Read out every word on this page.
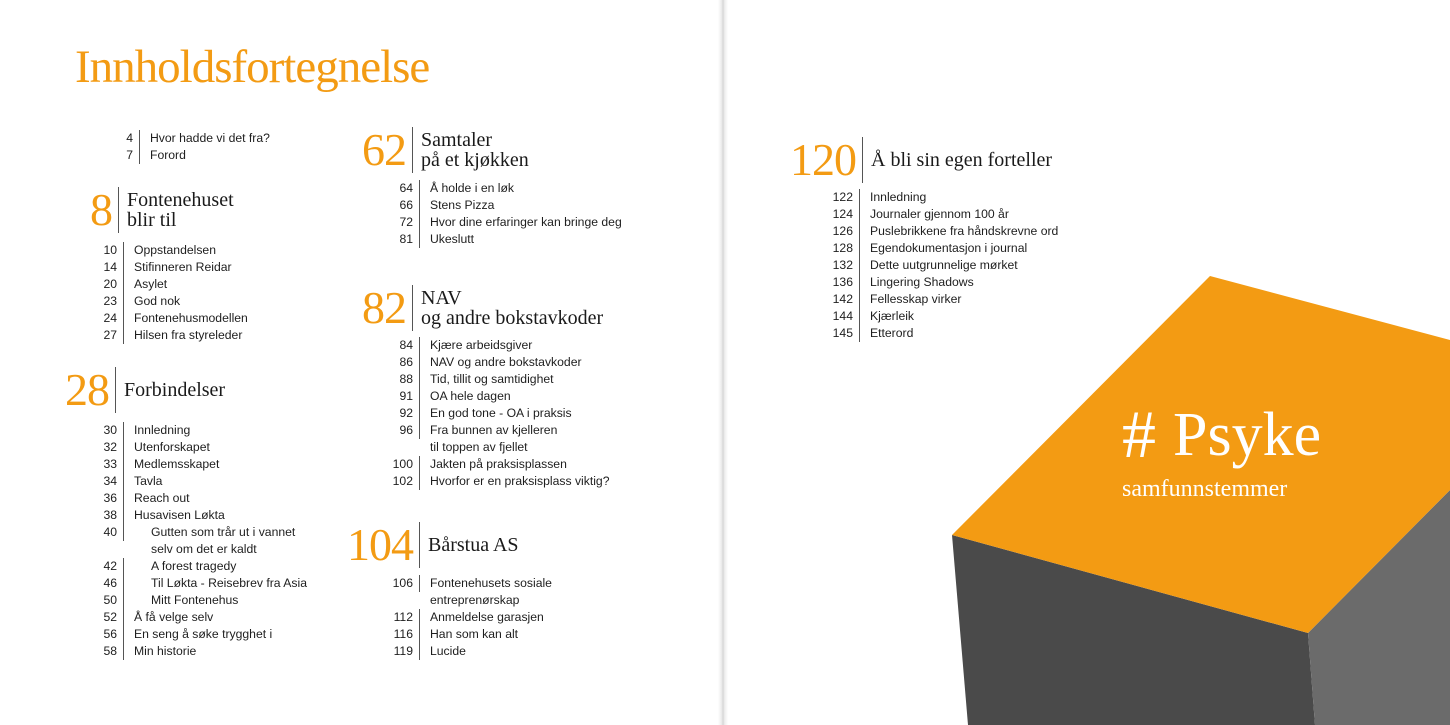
Innholdsfortegnelse
4	Hvor hadde vi det fra?
7	Forord
8 Fontenehuset
blir til
10	Oppstandelsen
14	Stifinneren Reidar
20	Asylet
23	God nok
24	Fontenehusmodellen
27	Hilsen fra styreleder
28 Forbindelser
30	Innledning
32	Utenforskapet
33	Medlemsskapet
34	Tavla
36	Reach out
38	Husavisen Løkta
40	Gutten som trår ut i vannet
selv om det er kaldt
42	A forest tragedy
46	Til Løkta - Reisebrev fra Asia
50	Mitt Fontenehus
52	Å få velge selv
56	En seng å søke trygghet i
58	Min historie
62 Samtaler
på et kjøkken
64	Å holde i en løk
66	Stens Pizza
72	Hvor dine erfaringer kan bringe deg
81	Ukeslutt
82 NAV
og andre bokstavkoder
84	Kjære arbeidsgiver
86	NAV og andre bokstavkoder
88	Tid, tillit og samtidighet
91	OA hele dagen
92	En god tone - OA i praksis
96	Fra bunnen av kjelleren
til toppen av fjellet
100	Jakten på praksisplassen
102	Hvorfor er en praksisplass viktig?
104 Bårstua AS
106	Fontenehusets sosiale
entreprenørskap
112	Anmeldelse garasjen
116	Han som kan alt
119	Lucide
# Psyke
samfunnstemmer
120 Å bli sin egen forteller
122	Innledning
124	Journaler gjennom 100 år
126	Puslebrikkene fra håndskrevne ord
128	Egendokumentasjon i journal
132	Dette uutgrunnelige mørket
136	Lingering Shadows
142	Fellesskap virker
144	Kjærleik
145	Etterord
